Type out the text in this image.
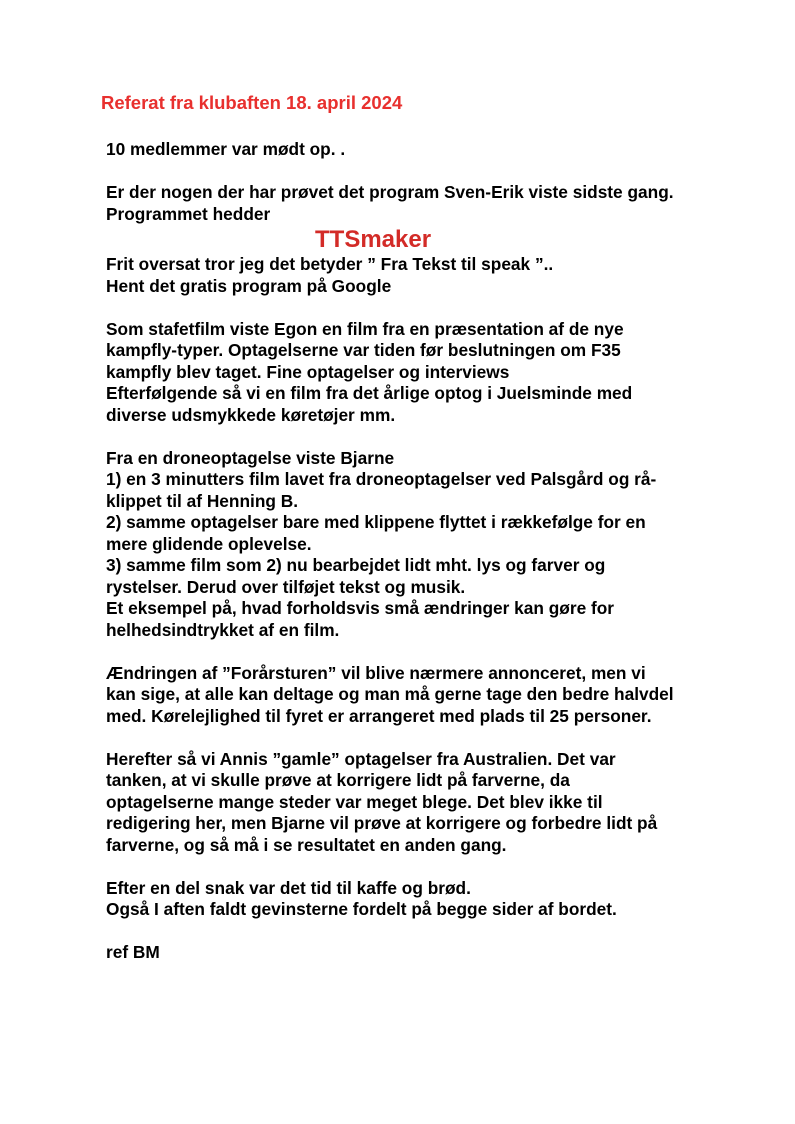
Referat fra klubaften 18. april 2024
10 medlemmer var mødt op. .
Er der nogen der har prøvet det program Sven-Erik viste sidste gang.
Programmet hedder
TTSmaker
Frit oversat tror jeg det betyder ” Fra Tekst til speak ”..
Hent det gratis program på Google
Som stafetfilm viste Egon en film fra en præsentation af de nye
kampfly-typer. Optagelserne var tiden før beslutningen om F35
kampfly blev taget. Fine optagelser og interviews
Efterfølgende så vi en film fra det årlige optog i Juelsminde med
diverse udsmykkede køretøjer mm.
Fra en droneoptagelse viste Bjarne
1) en 3 minutters film lavet fra droneoptagelser ved Palsgård og rå-
klippet til af Henning B.
2) samme optagelser bare med klippene flyttet i rækkefølge for en
mere glidende oplevelse.
3) samme film som 2) nu bearbejdet lidt mht. lys og farver og
rystelser. Derud over tilføjet tekst og musik.
Et eksempel på, hvad forholdsvis små ændringer kan gøre for
helhedsindtrykket af en film.
Ændringen af ”Forårsturen” vil blive nærmere annonceret, men vi
kan sige, at alle kan deltage og man må gerne tage den bedre halvdel
med. Kørelejlighed til fyret er arrangeret med plads til 25 personer.
Herefter så vi Annis ”gamle” optagelser fra Australien. Det var
tanken, at vi skulle prøve at korrigere lidt på farverne, da
optagelserne mange steder var meget blege. Det blev ikke til
redigering her, men Bjarne vil prøve at korrigere og forbedre lidt på
farverne, og så må i se resultatet en anden gang.
Efter en del snak var det tid til kaffe og brød.
Også I aften faldt gevinsterne fordelt på begge sider af bordet.
ref BM
